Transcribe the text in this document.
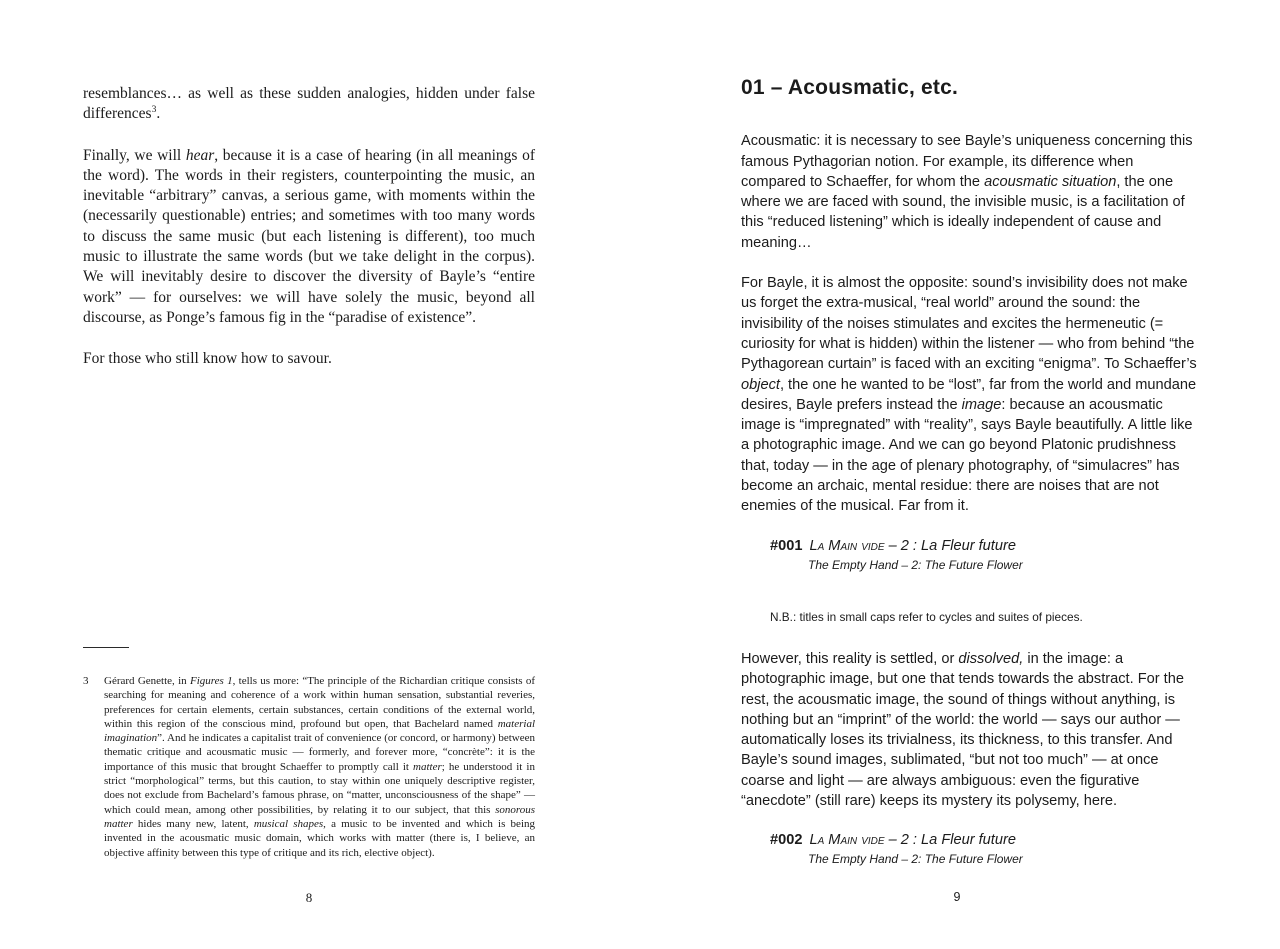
resemblances… as well as these sudden analogies, hidden under false differences$^3$.

Finally, we will hear, because it is a case of hearing (in all meanings of the word). The words in their registers, counterpointing the music, an inevitable “arbitrary” canvas, a serious game, with moments within the (necessarily questionable) entries; and sometimes with too many words to discuss the same music (but each listening is different), too much music to illustrate the same words (but we take delight in the corpus). We will inevitably desire to discover the diversity of Bayle’s “entire work” — for ourselves: we will have solely the music, beyond all discourse, as Ponge’s famous fig in the “paradise of existence”.

For those who still know how to savour.

3 Gérard Genette, in Figures 1, tells us more: “The principle of the Richardian critique consists of searching for meaning and coherence of a work within human sensation, substantial reveries, preferences for certain elements, certain substances, certain conditions of the external world, within this region of the conscious mind, profound but open, that Bachelard named material imagination”. And he indicates a capitalist trait of convenience (or concord, or harmony) between thematic critique and acousmatic music — formerly, and forever more, “concrète”: it is the importance of this music that brought Schaeffer to promptly call it matter; he understood it in strict “morphological” terms, but this caution, to stay within one uniquely descriptive register, does not exclude from Bachelard’s famous phrase, on “matter, unconsciousness of the shape” — which could mean, among other possibilities, by relating it to our subject, that this sonorous matter hides many new, latent, musical shapes, a music to be invented and which is being invented in the acousmatic music domain, which works with matter (there is, I believe, an objective affinity between this type of critique and its rich, elective object).
8
01 – Acousmatic, etc.

Acousmatic: it is necessary to see Bayle’s uniqueness concerning this famous Pythagorian notion. For example, its difference when compared to Schaeffer, for whom the acousmatic situation, the one where we are faced with sound, the invisible music, is a facilitation of this “reduced listening” which is ideally independent of cause and meaning…

For Bayle, it is almost the opposite: sound’s invisibility does not make us forget the extra-musical, “real world” around the sound: the invisibility of the noises stimulates and excites the hermeneutic (= curiosity for what is hidden) within the listener — who from behind “the Pythagorean curtain” is faced with an exciting “enigma”. To Schaeffer’s object, the one he wanted to be “lost”, far from the world and mundane desires, Bayle prefers instead the image: because an acousmatic image is “impregnated” with “reality”, says Bayle beautifully. A little like a photographic image. And we can go beyond Platonic prudishness that, today — in the age of plenary photography, of “simulacres” has become an archaic, mental residue: there are noises that are not enemies of the musical. Far from it.

#001 La Main vide – 2 : La Fleur future
The Empty Hand – 2: The Future Flower

N.B.: titles in small caps refer to cycles and suites of pieces.

However, this reality is settled, or dissolved, in the image: a photographic image, but one that tends towards the abstract. For the rest, the acousmatic image, the sound of things without anything, is nothing but an “imprint” of the world: the world — says our author — automatically loses its trivialness, its thickness, to this transfer. And Bayle’s sound images, sublimated, “but not too much” — at once coarse and light — are always ambiguous: even the figurative “anecdote” (still rare) keeps its mystery its polysemy, here.

#002 La Main vide – 2 : La Fleur future
The Empty Hand – 2: The Future Flower
9
